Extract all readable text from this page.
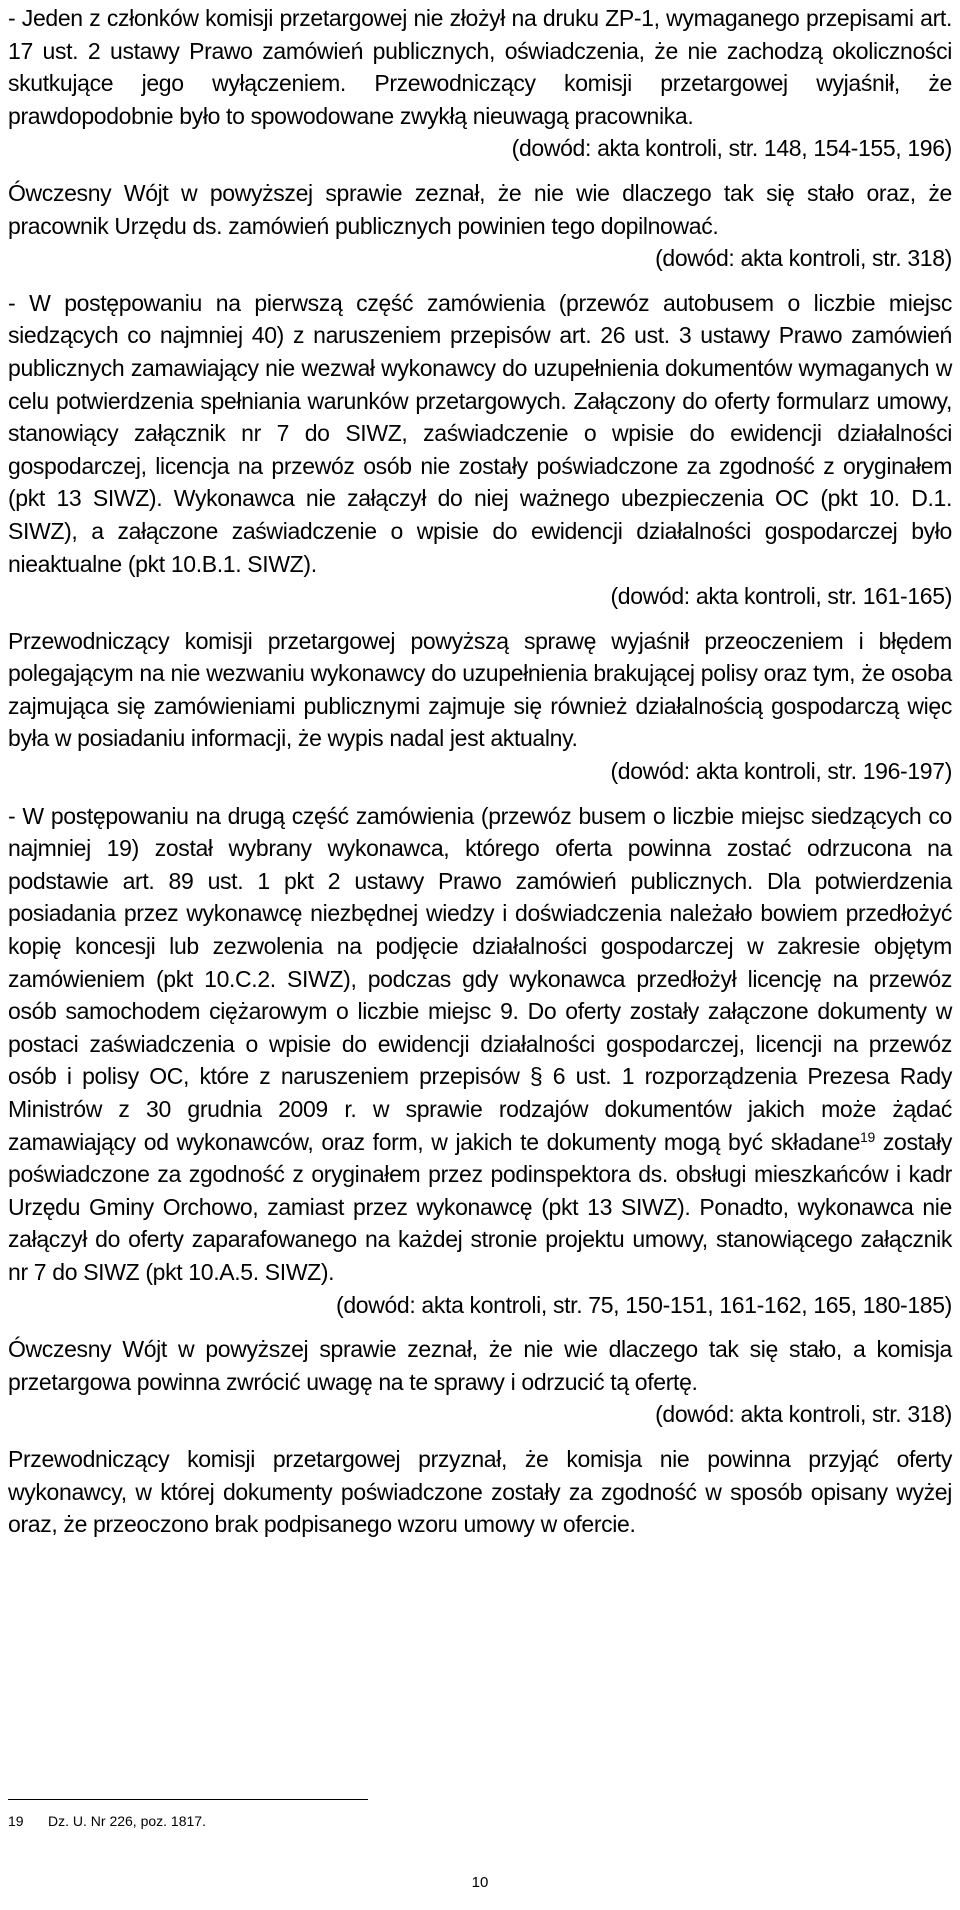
- Jeden z członków komisji przetargowej nie złożył na druku ZP-1, wymaganego przepisami art. 17 ust. 2 ustawy Prawo zamówień publicznych, oświadczenia, że nie zachodzą okoliczności skutkujące jego wyłączeniem. Przewodniczący komisji przetargowej wyjaśnił, że prawdopodobnie było to spowodowane zwykłą nieuwagą pracownika.

(dowód: akta kontroli, str. 148, 154-155, 196)

Ówczesny Wójt w powyższej sprawie zeznał, że nie wie dlaczego tak się stało oraz, że pracownik Urzędu ds. zamówień publicznych powinien tego dopilnować.

(dowód: akta kontroli, str. 318)

- W postępowaniu na pierwszą część zamówienia (przewóz autobusem o liczbie miejsc siedzących co najmniej 40) z naruszeniem przepisów art. 26 ust. 3 ustawy Prawo zamówień publicznych zamawiający nie wezwał wykonawcy do uzupełnienia dokumentów wymaganych w celu potwierdzenia spełniania warunków przetargowych. Załączony do oferty formularz umowy, stanowiący załącznik nr 7 do SIWZ, zaświadczenie o wpisie do ewidencji działalności gospodarczej, licencja na przewóz osób nie zostały poświadczone za zgodność z oryginałem (pkt 13 SIWZ). Wykonawca nie załączył do niej ważnego ubezpieczenia OC (pkt 10. D.1. SIWZ), a załączone zaświadczenie o wpisie do ewidencji działalności gospodarczej było nieaktualne (pkt 10.B.1. SIWZ).

(dowód: akta kontroli, str. 161-165)

Przewodniczący komisji przetargowej powyższą sprawę wyjaśnił przeoczeniem i błędem polegającym na nie wezwaniu wykonawcy do uzupełnienia brakującej polisy oraz tym, że osoba zajmująca się zamówieniami publicznymi zajmuje się również działalnością gospodarczą więc była w posiadaniu informacji, że wypis nadal jest aktualny.

(dowód: akta kontroli, str. 196-197)

- W postępowaniu na drugą część zamówienia (przewóz busem o liczbie miejsc siedzących co najmniej 19) został wybrany wykonawca, którego oferta powinna zostać odrzucona na podstawie art. 89 ust. 1 pkt 2 ustawy Prawo zamówień publicznych. Dla potwierdzenia posiadania przez wykonawcę niezbędnej wiedzy i doświadczenia należało bowiem przedłożyć kopię koncesji lub zezwolenia na podjęcie działalności gospodarczej w zakresie objętym zamówieniem (pkt 10.C.2. SIWZ), podczas gdy wykonawca przedłożył licencję na przewóz osób samochodem ciężarowym o liczbie miejsc 9. Do oferty zostały załączone dokumenty w postaci zaświadczenia o wpisie do ewidencji działalności gospodarczej, licencji na przewóz osób i polisy OC, które z naruszeniem przepisów § 6 ust. 1 rozporządzenia Prezesa Rady Ministrów z 30 grudnia 2009 r. w sprawie rodzajów dokumentów jakich może żądać zamawiający od wykonawców, oraz form, w jakich te dokumenty mogą być składane$^{19}$ zostały poświadczone za zgodność z oryginałem przez podinspektora ds. obsługi mieszkańców i kadr Urzędu Gminy Orchowo, zamiast przez wykonawcę (pkt 13 SIWZ). Ponadto, wykonawca nie załączył do oferty zaparafowanego na każdej stronie projektu umowy, stanowiącego załącznik nr 7 do SIWZ (pkt 10.A.5. SIWZ).

(dowód: akta kontroli, str. 75, 150-151, 161-162, 165, 180-185)

Ówczesny Wójt w powyższej sprawie zeznał, że nie wie dlaczego tak się stało, a komisja przetargowa powinna zwrócić uwagę na te sprawy i odrzucić tą ofertę.

(dowód: akta kontroli, str. 318)

Przewodniczący komisji przetargowej przyznał, że komisja nie powinna przyjąć oferty wykonawcy, w której dokumenty poświadczone zostały za zgodność w sposób opisany wyżej oraz, że przeoczono brak podpisanego wzoru umowy w ofercie.

19 Dz. U. Nr 226, poz. 1817.
10
